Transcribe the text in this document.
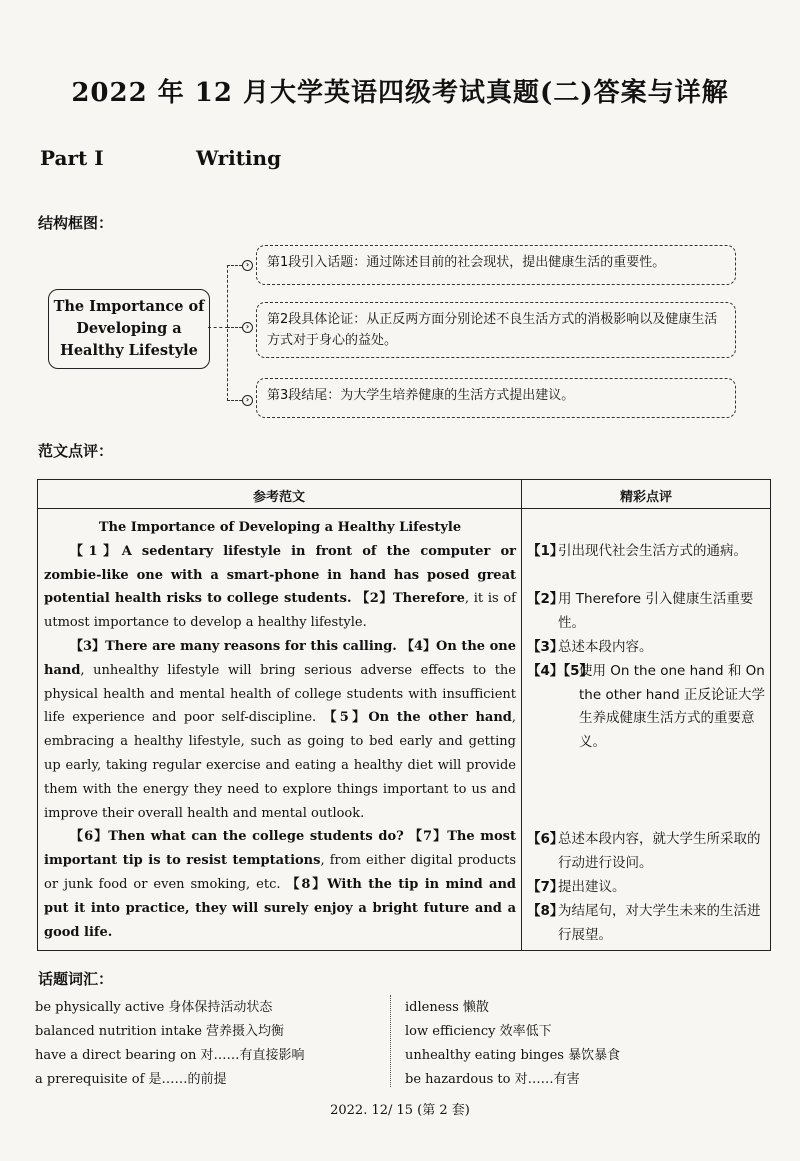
2022 年 12 月大学英语四级考试真题(二)答案与详解
Part Ⅰ	Writing
结构框图：
The Importance of
Developing a
Healthy Lifestyle
›
›
›
第1段引入话题：通过陈述目前的社会现状，提出健康生活的重要性。
第2段具体论证：从正反两方面分别论述不良生活方式的消极影响以及健康生活方式对于身心的益处。
第3段结尾：为大学生培养健康的生活方式提出建议。
范文点评：
参考范文	精彩点评

The Importance of Developing a Healthy Lifestyle

【1】A sedentary lifestyle in front of the computer or zombie-like one with a smart-phone in hand has posed great potential health risks to college students. 【2】Therefore, it is of utmost importance to develop a healthy lifestyle.

【3】There are many reasons for this calling. 【4】On the one hand, unhealthy lifestyle will bring serious adverse effects to the physical health and mental health of college students with insufficient life experience and poor self-discipline. 【5】On the other hand, embracing a healthy lifestyle, such as going to bed early and getting up early, taking regular exercise and eating a healthy diet will provide them with the energy they need to explore things important to us and improve their overall health and mental outlook.

【6】Then what can the college students do? 【7】The most important tip is to resist temptations, from either digital products or junk food or even smoking, etc. 【8】With the tip in mind and put it into practice, they will surely enjoy a bright future and a good life.

【1】
引出现代社会生活方式的通病。
【2】
用 Therefore 引入健康生活重要性。
【3】
总述本段内容。
【4】【5】
使用 On the one hand 和 On the other hand 正反论证大学生养成健康生活方式的重要意义。
【6】
总述本段内容，就大学生所采取的行动进行设问。
【7】
提出建议。
【8】
为结尾句，对大学生未来的生活进行展望。
话题词汇：
be physically active 身体保持活动状态
balanced nutrition intake 营养摄入均衡
have a direct bearing on 对……有直接影响
a prerequisite of 是……的前提
idleness 懒散
low efficiency 效率低下
unhealthy eating binges 暴饮暴食
be hazardous to 对……有害
2022. 12/ 15 (第 2 套)
